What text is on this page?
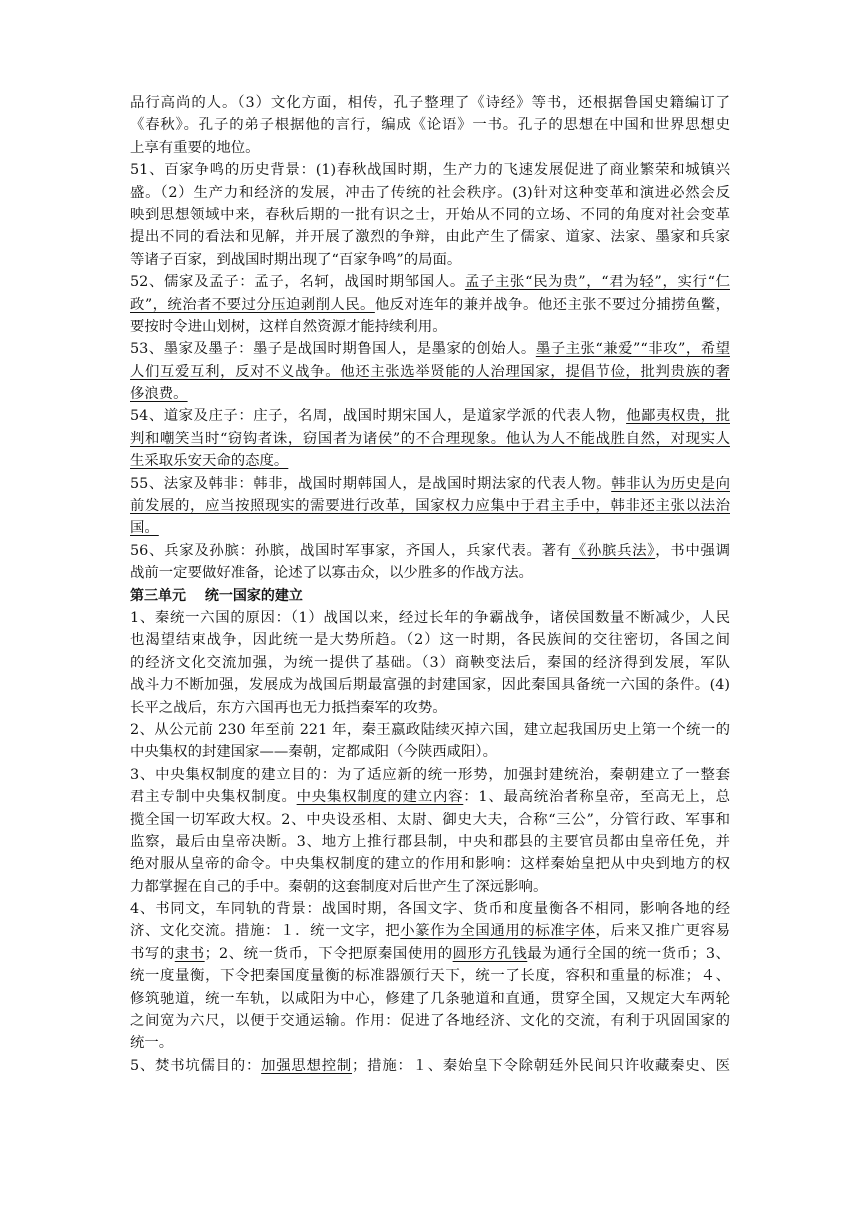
品行高尚的人。（3）文化方面，相传，孔子整理了《诗经》等书，还根据鲁国史籍编订了
《春秋》。孔子的弟子根据他的言行，编成《论语》一书。孔子的思想在中国和世界思想史
上享有重要的地位。
51、百家争鸣的历史背景：(1)春秋战国时期，生产力的飞速发展促进了商业繁荣和城镇兴
盛。（2）生产力和经济的发展，冲击了传统的社会秩序。(3)针对这种变革和演进必然会反
映到思想领域中来，春秋后期的一批有识之士，开始从不同的立场、不同的角度对社会变革
提出不同的看法和见解，并开展了激烈的争辩，由此产生了儒家、道家、法家、墨家和兵家
等诸子百家，到战国时期出现了“百家争鸣”的局面。
52、儒家及孟子：孟子，名轲，战国时期邹国人。孟子主张“民为贵”，“君为轻”，实行“仁
政”，统治者不要过分压迫剥削人民。他反对连年的兼并战争。他还主张不要过分捕捞鱼鳖，
要按时令进山划树，这样自然资源才能持续利用。
53、墨家及墨子：墨子是战国时期鲁国人，是墨家的创始人。墨子主张“兼爱”“非攻”，希望
人们互爱互利，反对不义战争。他还主张选举贤能的人治理国家，提倡节俭，批判贵族的奢
侈浪费。
54、道家及庄子：庄子，名周，战国时期宋国人，是道家学派的代表人物，他鄙夷权贵，批
判和嘲笑当时“窃钩者诛，窃国者为诸侯”的不合理现象。他认为人不能战胜自然，对现实人
生采取乐安天命的态度。
55、法家及韩非：韩非，战国时期韩国人，是战国时期法家的代表人物。韩非认为历史是向
前发展的，应当按照现实的需要进行改革，国家权力应集中于君主手中，韩非还主张以法治
国。
56、兵家及孙膑：孙膑，战国时军事家，齐国人，兵家代表。著有《孙膑兵法》，书中强调
战前一定要做好准备，论述了以寡击众，以少胜多的作战方法。
第三单元　 统一国家的建立
1、秦统一六国的原因：（1）战国以来，经过长年的争霸战争，诸侯国数量不断减少，人民
也渴望结束战争，因此统一是大势所趋。（2）这一时期，各民族间的交往密切，各国之间
的经济文化交流加强，为统一提供了基础。（3）商鞅变法后，秦国的经济得到发展，军队
战斗力不断加强，发展成为战国后期最富强的封建国家，因此秦国具备统一六国的条件。(4)
长平之战后，东方六国再也无力抵挡秦军的攻势。
2、从公元前 230 年至前 221 年，秦王嬴政陆续灭掉六国，建立起我国历史上第一个统一的
中央集权的封建国家——秦朝，定都咸阳（今陕西咸阳）。
3、中央集权制度的建立目的：为了适应新的统一形势，加强封建统治，秦朝建立了一整套
君主专制中央集权制度。中央集权制度的建立内容：1、最高统治者称皇帝，至高无上，总
揽全国一切军政大权。2、中央设丞相、太尉、御史大夫，合称“三公”，分管行政、军事和
监察，最后由皇帝决断。3、地方上推行郡县制，中央和郡县的主要官员都由皇帝任免，并
绝对服从皇帝的命令。中央集权制度的建立的作用和影响：这样秦始皇把从中央到地方的权
力都掌握在自己的手中。秦朝的这套制度对后世产生了深远影响。
4、书同文，车同轨的背景：战国时期，各国文字、货币和度量衡各不相同，影响各地的经
济、文化交流。措施：１．统一文字，把小篆作为全国通用的标准字体，后来又推广更容易
书写的隶书；2、统一货币，下令把原秦国使用的圆形方孔钱最为通行全国的统一货币；3、
统一度量衡，下令把秦国度量衡的标准器颁行天下，统一了长度，容积和重量的标准；４、
修筑驰道，统一车轨，以咸阳为中心，修建了几条驰道和直通，贯穿全国，又规定大车两轮
之间宽为六尺，以便于交通运输。作用：促进了各地经济、文化的交流，有利于巩固国家的
统一。
5、焚书坑儒目的：加强思想控制；措施：１、秦始皇下令除朝廷外民间只许收藏秦史、医
